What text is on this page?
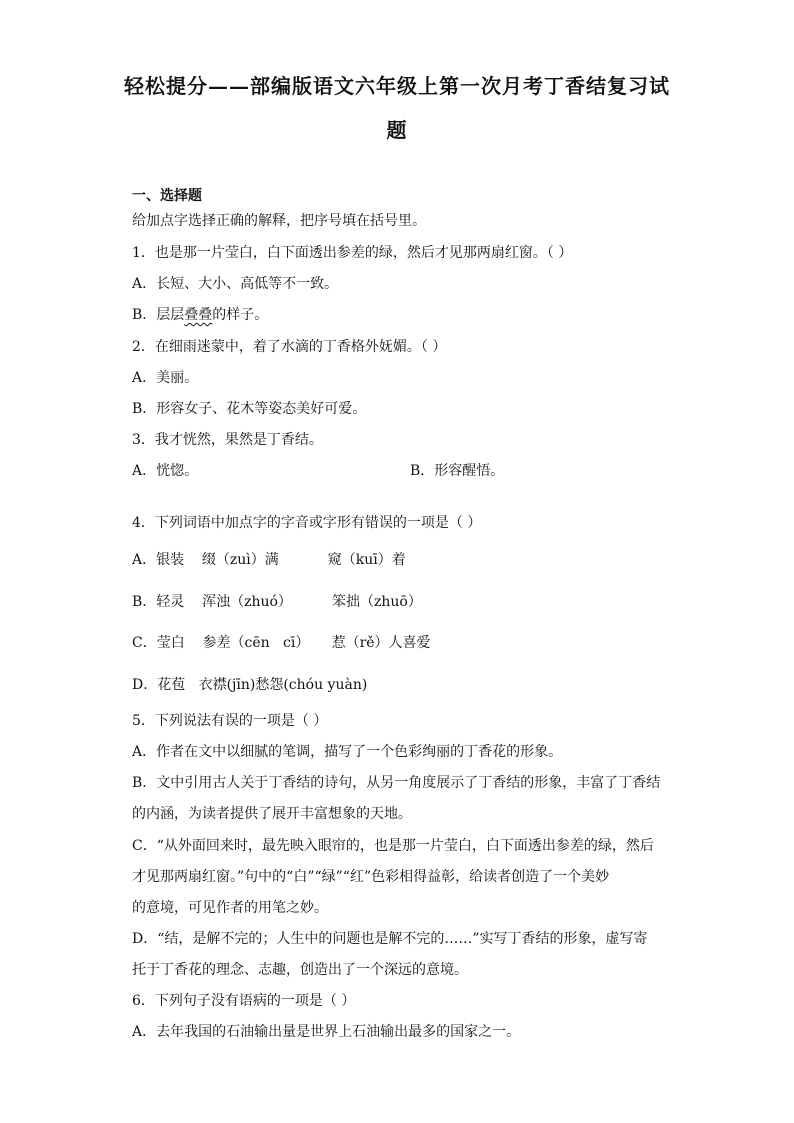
轻松提分——部编版语文六年级上第一次月考丁香结复习试
题
一、选择题
给加点字选择正确的解释，把序号填在括号里。
1．也是那一片莹白，白下面透出参差的绿，然后才见那两扇红窗。（ ）
A．长短、大小、高低等不一致。
B．层层叠叠的样子。
2．在细雨迷蒙中，着了水滴的丁香格外妩媚。（ ）
A．美丽。
B．形容女子、花木等姿态美好可爱。
3．我才恍然，果然是丁香结。
A．恍惚。	B．形容醒悟。
4．下列词语中加点字的字音或字形有错误的一项是（ ）
A．银装    缀（zuì）满           窥（kuī）着
B．轻灵    浑浊（zhuó）         笨拙（zhuō）
C．莹白    参差（cēn   cī）     惹（rě）人喜爱
D．花苞   衣襟(jīn)愁怨(chóu yuàn)
5．下列说法有误的一项是（ ）
A．作者在文中以细腻的笔调，描写了一个色彩绚丽的丁香花的形象。
B．文中引用古人关于丁香结的诗句，从另一角度展示了丁香结的形象，丰富了丁香结
的内涵，为读者提供了展开丰富想象的天地。
C．“从外面回来时，最先映入眼帘的，也是那一片莹白，白下面透出参差的绿，然后
才见那两扇红窗。”句中的“白”“绿”“红”色彩相得益彰，给读者创造了一个美妙
的意境，可见作者的用笔之妙。
D．“结，是解不完的；人生中的问题也是解不完的……”实写丁香结的形象，虚写寄
托于丁香花的理念、志趣，创造出了一个深远的意境。
6．下列句子没有语病的一项是（ ）
A．去年我国的石油输出量是世界上石油输出最多的国家之一。
